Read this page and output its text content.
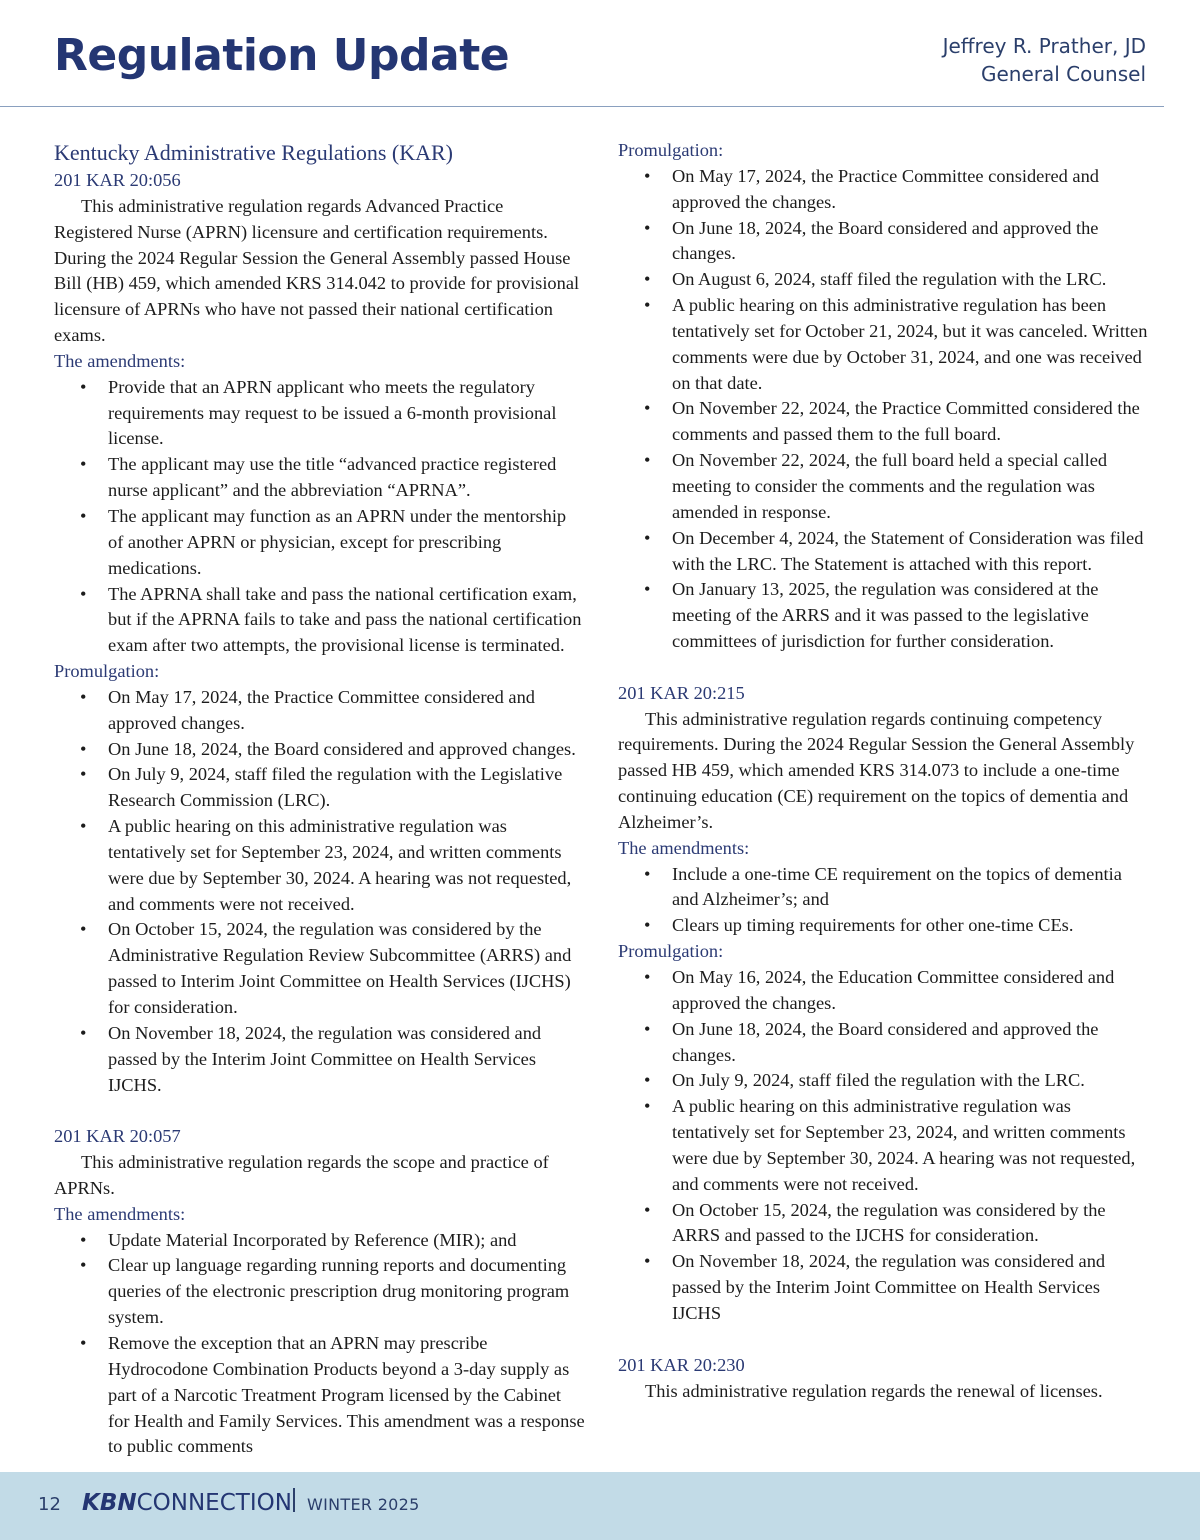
Regulation Update	Jeffrey R. Prather, JD
General Counsel
Kentucky Administrative Regulations (KAR)
201 KAR 20:056

This administrative regulation regards Advanced Practice Registered Nurse (APRN) licensure and certification requirements. During the 2024 Regular Session the General Assembly passed House Bill (HB) 459, which amended KRS 314.042 to provide for provisional licensure of APRNs who have not passed their national certification exams.

The amendments:
• Provide that an APRN applicant who meets the regulatory requirements may request to be issued a 6-month provisional license.
• The applicant may use the title “advanced practice registered nurse applicant” and the abbreviation “APRNA”.
• The applicant may function as an APRN under the mentorship of another APRN or physician, except for prescribing medications.
• The APRNA shall take and pass the national certification exam, but if the APRNA fails to take and pass the national certification exam after two attempts, the provisional license is terminated.
Promulgation:
• On May 17, 2024, the Practice Committee considered and approved changes.
• On June 18, 2024, the Board considered and approved changes.
• On July 9, 2024, staff filed the regulation with the Legislative Research Commission (LRC).
• A public hearing on this administrative regulation was tentatively set for September 23, 2024, and written comments were due by September 30, 2024. A hearing was not requested, and comments were not received.
• On October 15, 2024, the regulation was considered by the Administrative Regulation Review Subcommittee (ARRS) and passed to Interim Joint Committee on Health Services (IJCHS) for consideration.
• On November 18, 2024, the regulation was considered and passed by the Interim Joint Committee on Health Services IJCHS.
201 KAR 20:057

This administrative regulation regards the scope and practice of APRNs.

The amendments:
• Update Material Incorporated by Reference (MIR); and
• Clear up language regarding running reports and documenting queries of the electronic prescription drug monitoring program system.
• Remove the exception that an APRN may prescribe Hydrocodone Combination Products beyond a 3-day supply as part of a Narcotic Treatment Program licensed by the Cabinet for Health and Family Services. This amendment was a response to public comments
Promulgation:
• On May 17, 2024, the Practice Committee considered and approved the changes.
• On June 18, 2024, the Board considered and approved the changes.
• On August 6, 2024, staff filed the regulation with the LRC.
• A public hearing on this administrative regulation has been tentatively set for October 21, 2024, but it was canceled. Written comments were due by October 31, 2024, and one was received on that date.
• On November 22, 2024, the Practice Committed considered the comments and passed them to the full board.
• On November 22, 2024, the full board held a special called meeting to consider the comments and the regulation was amended in response.
• On December 4, 2024, the Statement of Consideration was filed with the LRC. The Statement is attached with this report.
• On January 13, 2025, the regulation was considered at the meeting of the ARRS and it was passed to the legislative committees of jurisdiction for further consideration.
201 KAR 20:215

This administrative regulation regards continuing competency requirements. During the 2024 Regular Session the General Assembly passed HB 459, which amended KRS 314.073 to include a one-time continuing education (CE) requirement on the topics of dementia and Alzheimer’s.

The amendments:
• Include a one-time CE requirement on the topics of dementia and Alzheimer’s; and
• Clears up timing requirements for other one-time CEs.
Promulgation:
• On May 16, 2024, the Education Committee considered and approved the changes.
• On June 18, 2024, the Board considered and approved the changes.
• On July 9, 2024, staff filed the regulation with the LRC.
• A public hearing on this administrative regulation was tentatively set for September 23, 2024, and written comments were due by September 30, 2024. A hearing was not requested, and comments were not received.
• On October 15, 2024, the regulation was considered by the ARRS and passed to the IJCHS for consideration.
• On November 18, 2024, the regulation was considered and passed by the Interim Joint Committee on Health Services IJCHS
201 KAR 20:230

This administrative regulation regards the renewal of licenses.

12 KBNCONNECTION WINTER 2025
